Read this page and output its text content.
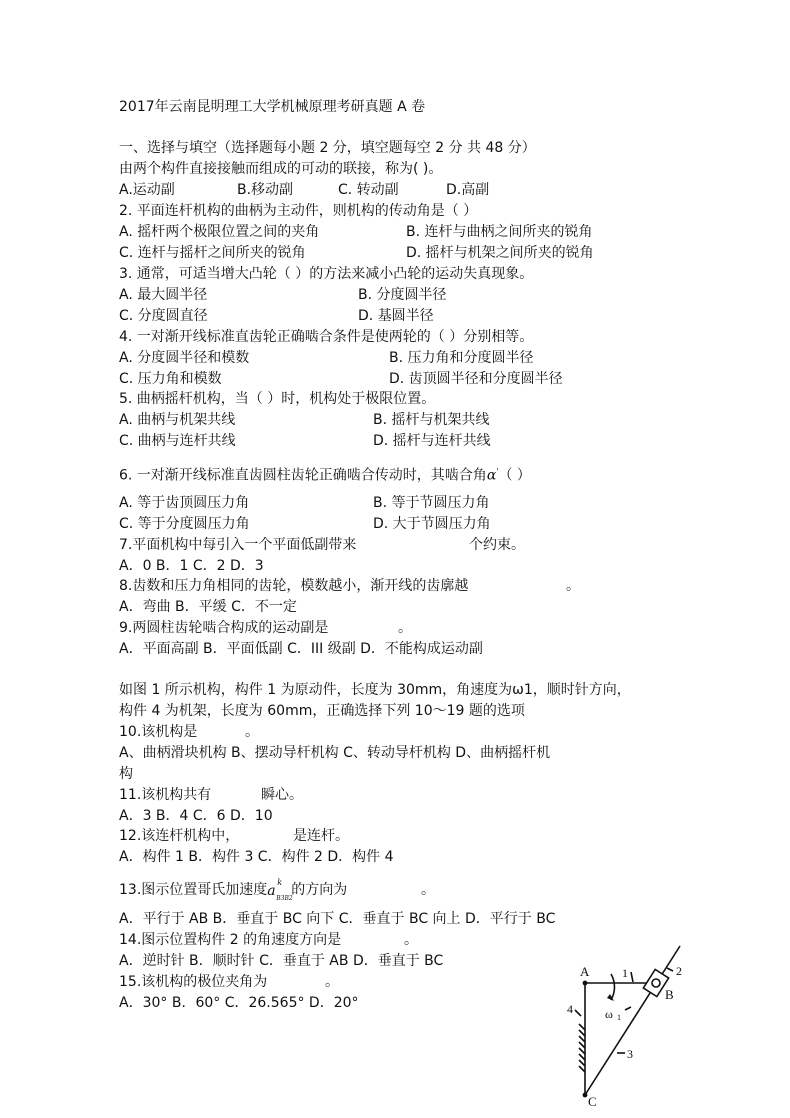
2017年云南昆明理工大学机械原理考研真题 A 卷
一、选择与填空（选择题每小题 2 分，填空题每空 2 分 共 48 分）
由两个构件直接接触而组成的可动的联接，称为( )。
A.运动副	B.移动副	C. 转动副	D.高副
2. 平面连杆机构的曲柄为主动件，则机构的传动角是（ ）
A. 摇杆两个极限位置之间的夹角	B. 连杆与曲柄之间所夹的锐角
C. 连杆与摇杆之间所夹的锐角	D. 摇杆与机架之间所夹的锐角
3. 通常，可适当增大凸轮（ ）的方法来减小凸轮的运动失真现象。
A. 最大圆半径	B. 分度圆半径
C. 分度圆直径	D. 基圆半径
4. 一对渐开线标准直齿轮正确啮合条件是使两轮的（ ）分别相等。
A. 分度圆半径和模数	B. 压力角和分度圆半径
C. 压力角和模数	D. 齿顶圆半径和分度圆半径
5. 曲柄摇杆机构，当（ ）时，机构处于极限位置。
A. 曲柄与机架共线	B. 摇杆与机架共线
C. 曲柄与连杆共线	D. 摇杆与连杆共线
6. 一对渐开线标准直齿圆柱齿轮正确啮合传动时，其啮合角α'（ ）
A. 等于齿顶圆压力角	B. 等于节圆压力角
C. 等于分度圆压力角	D. 大于节圆压力角
7.平面机构中每引入一个平面低副带来	个约束。
A．0 B．1 C．2 D．3
8.齿数和压力角相同的齿轮，模数越小，渐开线的齿廓越	。
A．弯曲 B．平缓 C．不一定
9.两圆柱齿轮啮合构成的运动副是	。
A．平面高副 B．平面低副 C．III 级副 D．不能构成运动副
如图 1 所示机构，构件 1 为原动件，长度为 30mm，角速度为ω1，顺时针方向，
构件 4 为机架，长度为 60mm，正确选择下列 10～19 题的选项
10.该机构是	。
A、曲柄滑块机构 B、摆动导杆机构 C、转动导杆机构 D、曲柄摇杆机
构
11.该机构共有	瞬心。
A．3 B．4 C．6 D．10
12.该连杆机构中，	是连杆。
A．构件 1 B．构件 3 C．构件 2 D．构件 4
13.图示位置哥氏加速度 a
k
B3B2
的方向为	。
A．平行于 AB B．垂直于 BC 向下 C．垂直于 BC 向上 D．平行于 BC
14.图示位置构件 2 的角速度方向是	。
A．逆时针 B．顺时针 C．垂直于 AB D．垂直于 BC
15.该机构的极位夹角为	。
A．30° B．60° C．26.565° D．20°
A
B
C
1	2
3
4	ω 1
